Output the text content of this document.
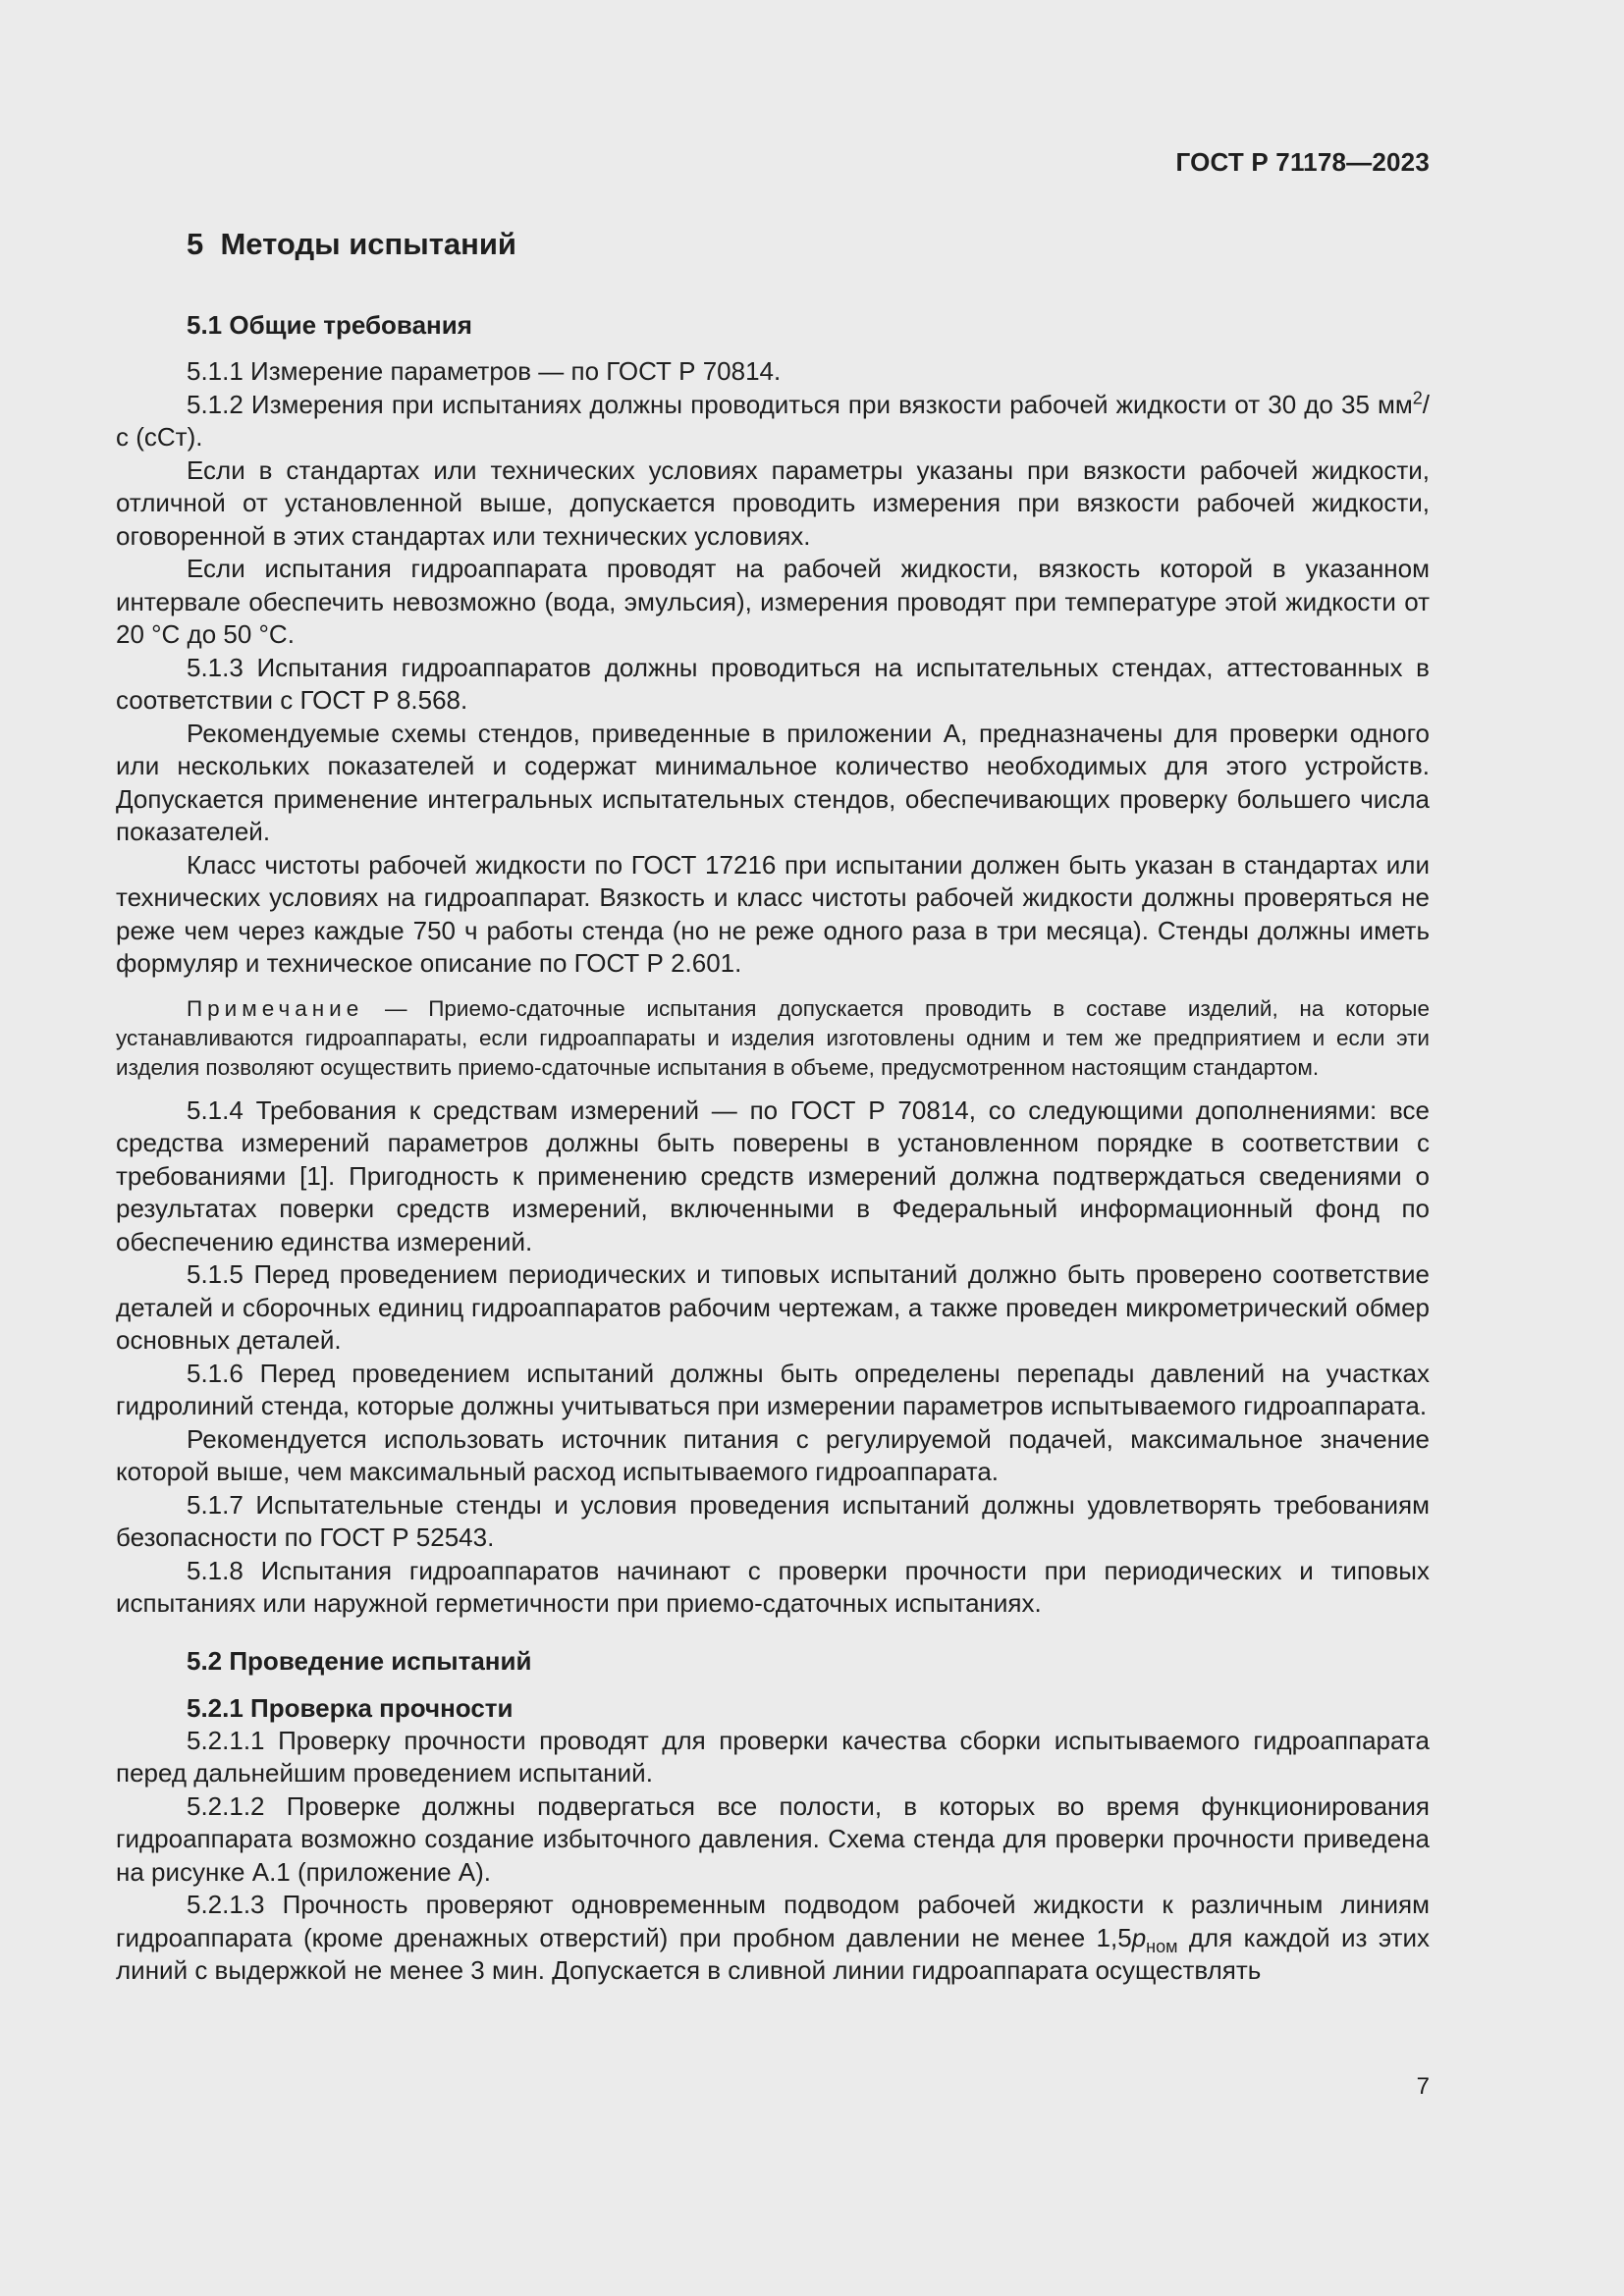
ГОСТ Р 71178—2023
5 Методы испытаний
5.1 Общие требования

5.1.1 Измерение параметров — по ГОСТ Р 70814.

5.1.2 Измерения при испытаниях должны проводиться при вязкости рабочей жидкости от 30 до 35 $мм^2/с$ (сСт).

Если в стандартах или технических условиях параметры указаны при вязкости рабочей жидкости, отличной от установленной выше, допускается проводить измерения при вязкости рабочей жидкости, оговоренной в этих стандартах или технических условиях.

Если испытания гидроаппарата проводят на рабочей жидкости, вязкость которой в указанном интервале обеспечить невозможно (вода, эмульсия), измерения проводят при температуре этой жидкости от 20 °С до 50 °С.

5.1.3 Испытания гидроаппаратов должны проводиться на испытательных стендах, аттестованных в соответствии с ГОСТ Р 8.568.

Рекомендуемые схемы стендов, приведенные в приложении А, предназначены для проверки одного или нескольких показателей и содержат минимальное количество необходимых для этого устройств. Допускается применение интегральных испытательных стендов, обеспечивающих проверку большего числа показателей.

Класс чистоты рабочей жидкости по ГОСТ 17216 при испытании должен быть указан в стандартах или технических условиях на гидроаппарат. Вязкость и класс чистоты рабочей жидкости должны проверяться не реже чем через каждые 750 ч работы стенда (но не реже одного раза в три месяца). Стенды должны иметь формуляр и техническое описание по ГОСТ Р 2.601.

Примечание — Приемо-сдаточные испытания допускается проводить в составе изделий, на которые устанавливаются гидроаппараты, если гидроаппараты и изделия изготовлены одним и тем же предприятием и если эти изделия позволяют осуществить приемо-сдаточные испытания в объеме, предусмотренном настоящим стандартом.

5.1.4 Требования к средствам измерений — по ГОСТ Р 70814, со следующими дополнениями: все средства измерений параметров должны быть поверены в установленном порядке в соответствии с требованиями [1]. Пригодность к применению средств измерений должна подтверждаться сведениями о результатах поверки средств измерений, включенными в Федеральный информационный фонд по обеспечению единства измерений.

5.1.5 Перед проведением периодических и типовых испытаний должно быть проверено соответствие деталей и сборочных единиц гидроаппаратов рабочим чертежам, а также проведен микрометрический обмер основных деталей.

5.1.6 Перед проведением испытаний должны быть определены перепады давлений на участках гидролиний стенда, которые должны учитываться при измерении параметров испытываемого гидроаппарата.

Рекомендуется использовать источник питания с регулируемой подачей, максимальное значение которой выше, чем максимальный расход испытываемого гидроаппарата.

5.1.7 Испытательные стенды и условия проведения испытаний должны удовлетворять требованиям безопасности по ГОСТ Р 52543.

5.1.8 Испытания гидроаппаратов начинают с проверки прочности при периодических и типовых испытаниях или наружной герметичности при приемо-сдаточных испытаниях.

5.2 Проведение испытаний
5.2.1 Проверка прочности

5.2.1.1 Проверку прочности проводят для проверки качества сборки испытываемого гидроаппарата перед дальнейшим проведением испытаний.

5.2.1.2 Проверке должны подвергаться все полости, в которых во время функционирования гидроаппарата возможно создание избыточного давления. Схема стенда для проверки прочности приведена на рисунке А.1 (приложение А).

5.2.1.3 Прочность проверяют одновременным подводом рабочей жидкости к различным линиям гидроаппарата (кроме дренажных отверстий) при пробном давлении не менее $1,5p_{ном}$ для каждой из этих линий с выдержкой не менее 3 мин. Допускается в сливной линии гидроаппарата осуществлять

7
